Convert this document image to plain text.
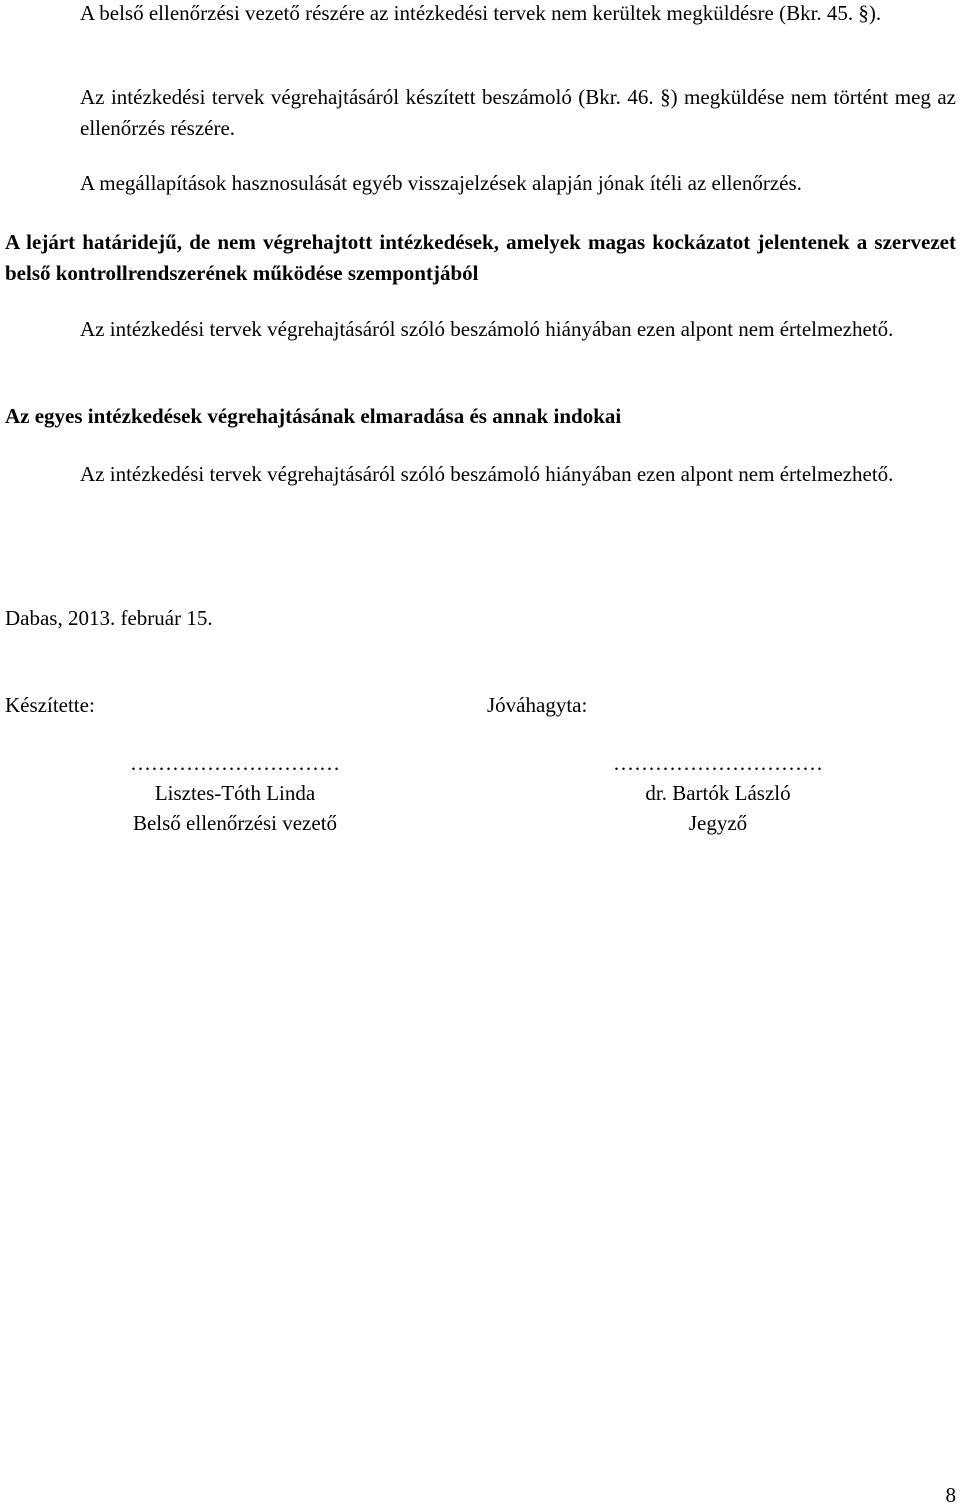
A belső ellenőrzési vezető részére az intézkedési tervek nem kerültek megküldésre (Bkr. 45. §).

Az intézkedési tervek végrehajtásáról készített beszámoló (Bkr. 46. §) megküldése nem történt meg az ellenőrzés részére.

A megállapítások hasznosulását egyéb visszajelzések alapján jónak ítéli az ellenőrzés.

A lejárt határidejű, de nem végrehajtott intézkedések, amelyek magas kockázatot jelentenek a szervezet belső kontrollrendszerének működése szempontjából

Az intézkedési tervek végrehajtásáról szóló beszámoló hiányában ezen alpont nem értelmezhető.

Az egyes intézkedések végrehajtásának elmaradása és annak indokai

Az intézkedési tervek végrehajtásáról szóló beszámoló hiányában ezen alpont nem értelmezhető.

Dabas, 2013. február 15.

Készítette:	Jóváhagyta:

…………………………
Lisztes-Tóth Linda
Belső ellenőrzési vezető
…………………………
dr. Bartók László
Jegyző

8
